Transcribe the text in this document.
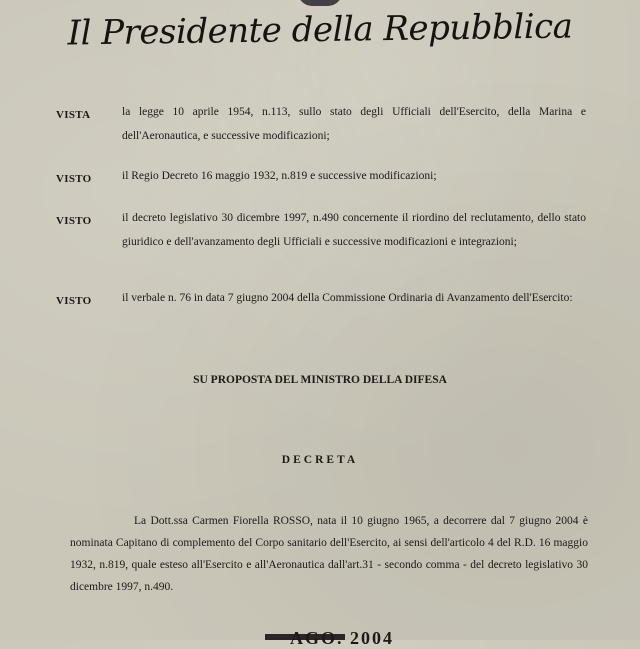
Il Presidente della Repubblica
VISTA	la legge 10 aprile 1954, n.113, sullo stato degli Ufficiali dell'Esercito, della Marina e dell'Aeronautica, e successive modificazioni;
VISTO	il Regio Decreto 16 maggio 1932, n.819 e successive modificazioni;
VISTO	il decreto legislativo 30 dicembre 1997, n.490 concernente il riordino del reclutamento, dello stato giuridico e dell'avanzamento degli Ufficiali e successive modificazioni e integrazioni;
VISTO	il verbale n. 76 in data 7 giugno 2004 della Commissione Ordinaria di Avanzamento dell'Esercito:
SU PROPOSTA DEL MINISTRO DELLA DIFESA
DECRETA
La Dott.ssa Carmen Fiorella ROSSO, nata il 10 giugno 1965, a decorrere dal 7 giugno 2004 è nominata Capitano di complemento del Corpo sanitario dell'Esercito, ai sensi dell'articolo 4 del R.D. 16 maggio 1932, n.819, quale esteso all'Esercito e all'Aeronautica dall'art.31 - secondo comma - del decreto legislativo 30 dicembre 1997, n.490.
AGO. 2004
